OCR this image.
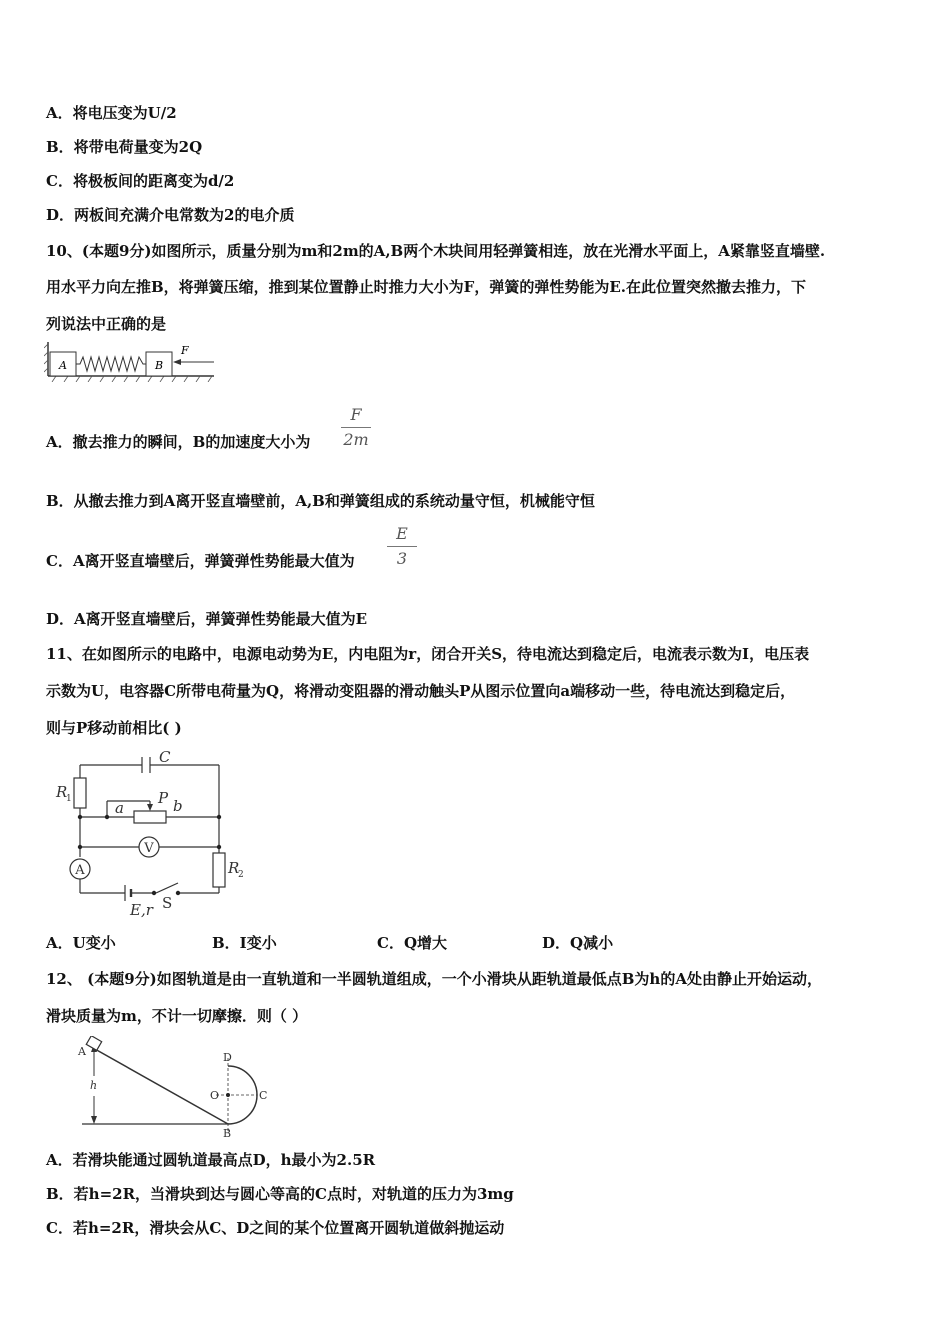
A．将电压变为U/2
B．将带电荷量变为2Q
C．将极板间的距离变为d/2
D．两板间充满介电常数为2的电介质
10、(本题9分)如图所示，质量分别为m和2m的A,B两个木块间用轻弹簧相连，放在光滑水平面上，A紧靠竖直墙壁.
用水平力向左推B，将弹簧压缩，推到某位置静止时推力大小为F，弹簧的弹性势能为E.在此位置突然撤去推力，下
列说法中正确的是
A	B
F
A．撤去推力的瞬间，B的加速度大小为
F
2m
B．从撤去推力到A离开竖直墙壁前，A,B和弹簧组成的系统动量守恒，机械能守恒
C．A离开竖直墙壁后，弹簧弹性势能最大值为
E
3
D．A离开竖直墙壁后，弹簧弹性势能最大值为E
11、在如图所示的电路中，电源电动势为E，内电阻为r，闭合开关S，待电流达到稳定后，电流表示数为I，电压表
示数为U，电容器C所带电荷量为Q，将滑动变阻器的滑动触头P从图示位置向a端移动一些，待电流达到稳定后，
则与P移动前相比( )
C
R
1	a
P b
V
A	R
2
E,r S
A．U变小	B．I变小	C．Q增大	D．Q减小
12、 (本题9分)如图轨道是由一直轨道和一半圆轨道组成，一个小滑块从距轨道最低点B为h的A处由静止开始运动，
滑块质量为m，不计一切摩擦．则（ ）
A
h
B
O	C
D
A．若滑块能通过圆轨道最高点D，h最小为2.5R
B．若h=2R，当滑块到达与圆心等高的C点时，对轨道的压力为3mg
C．若h=2R，滑块会从C、D之间的某个位置离开圆轨道做斜抛运动
